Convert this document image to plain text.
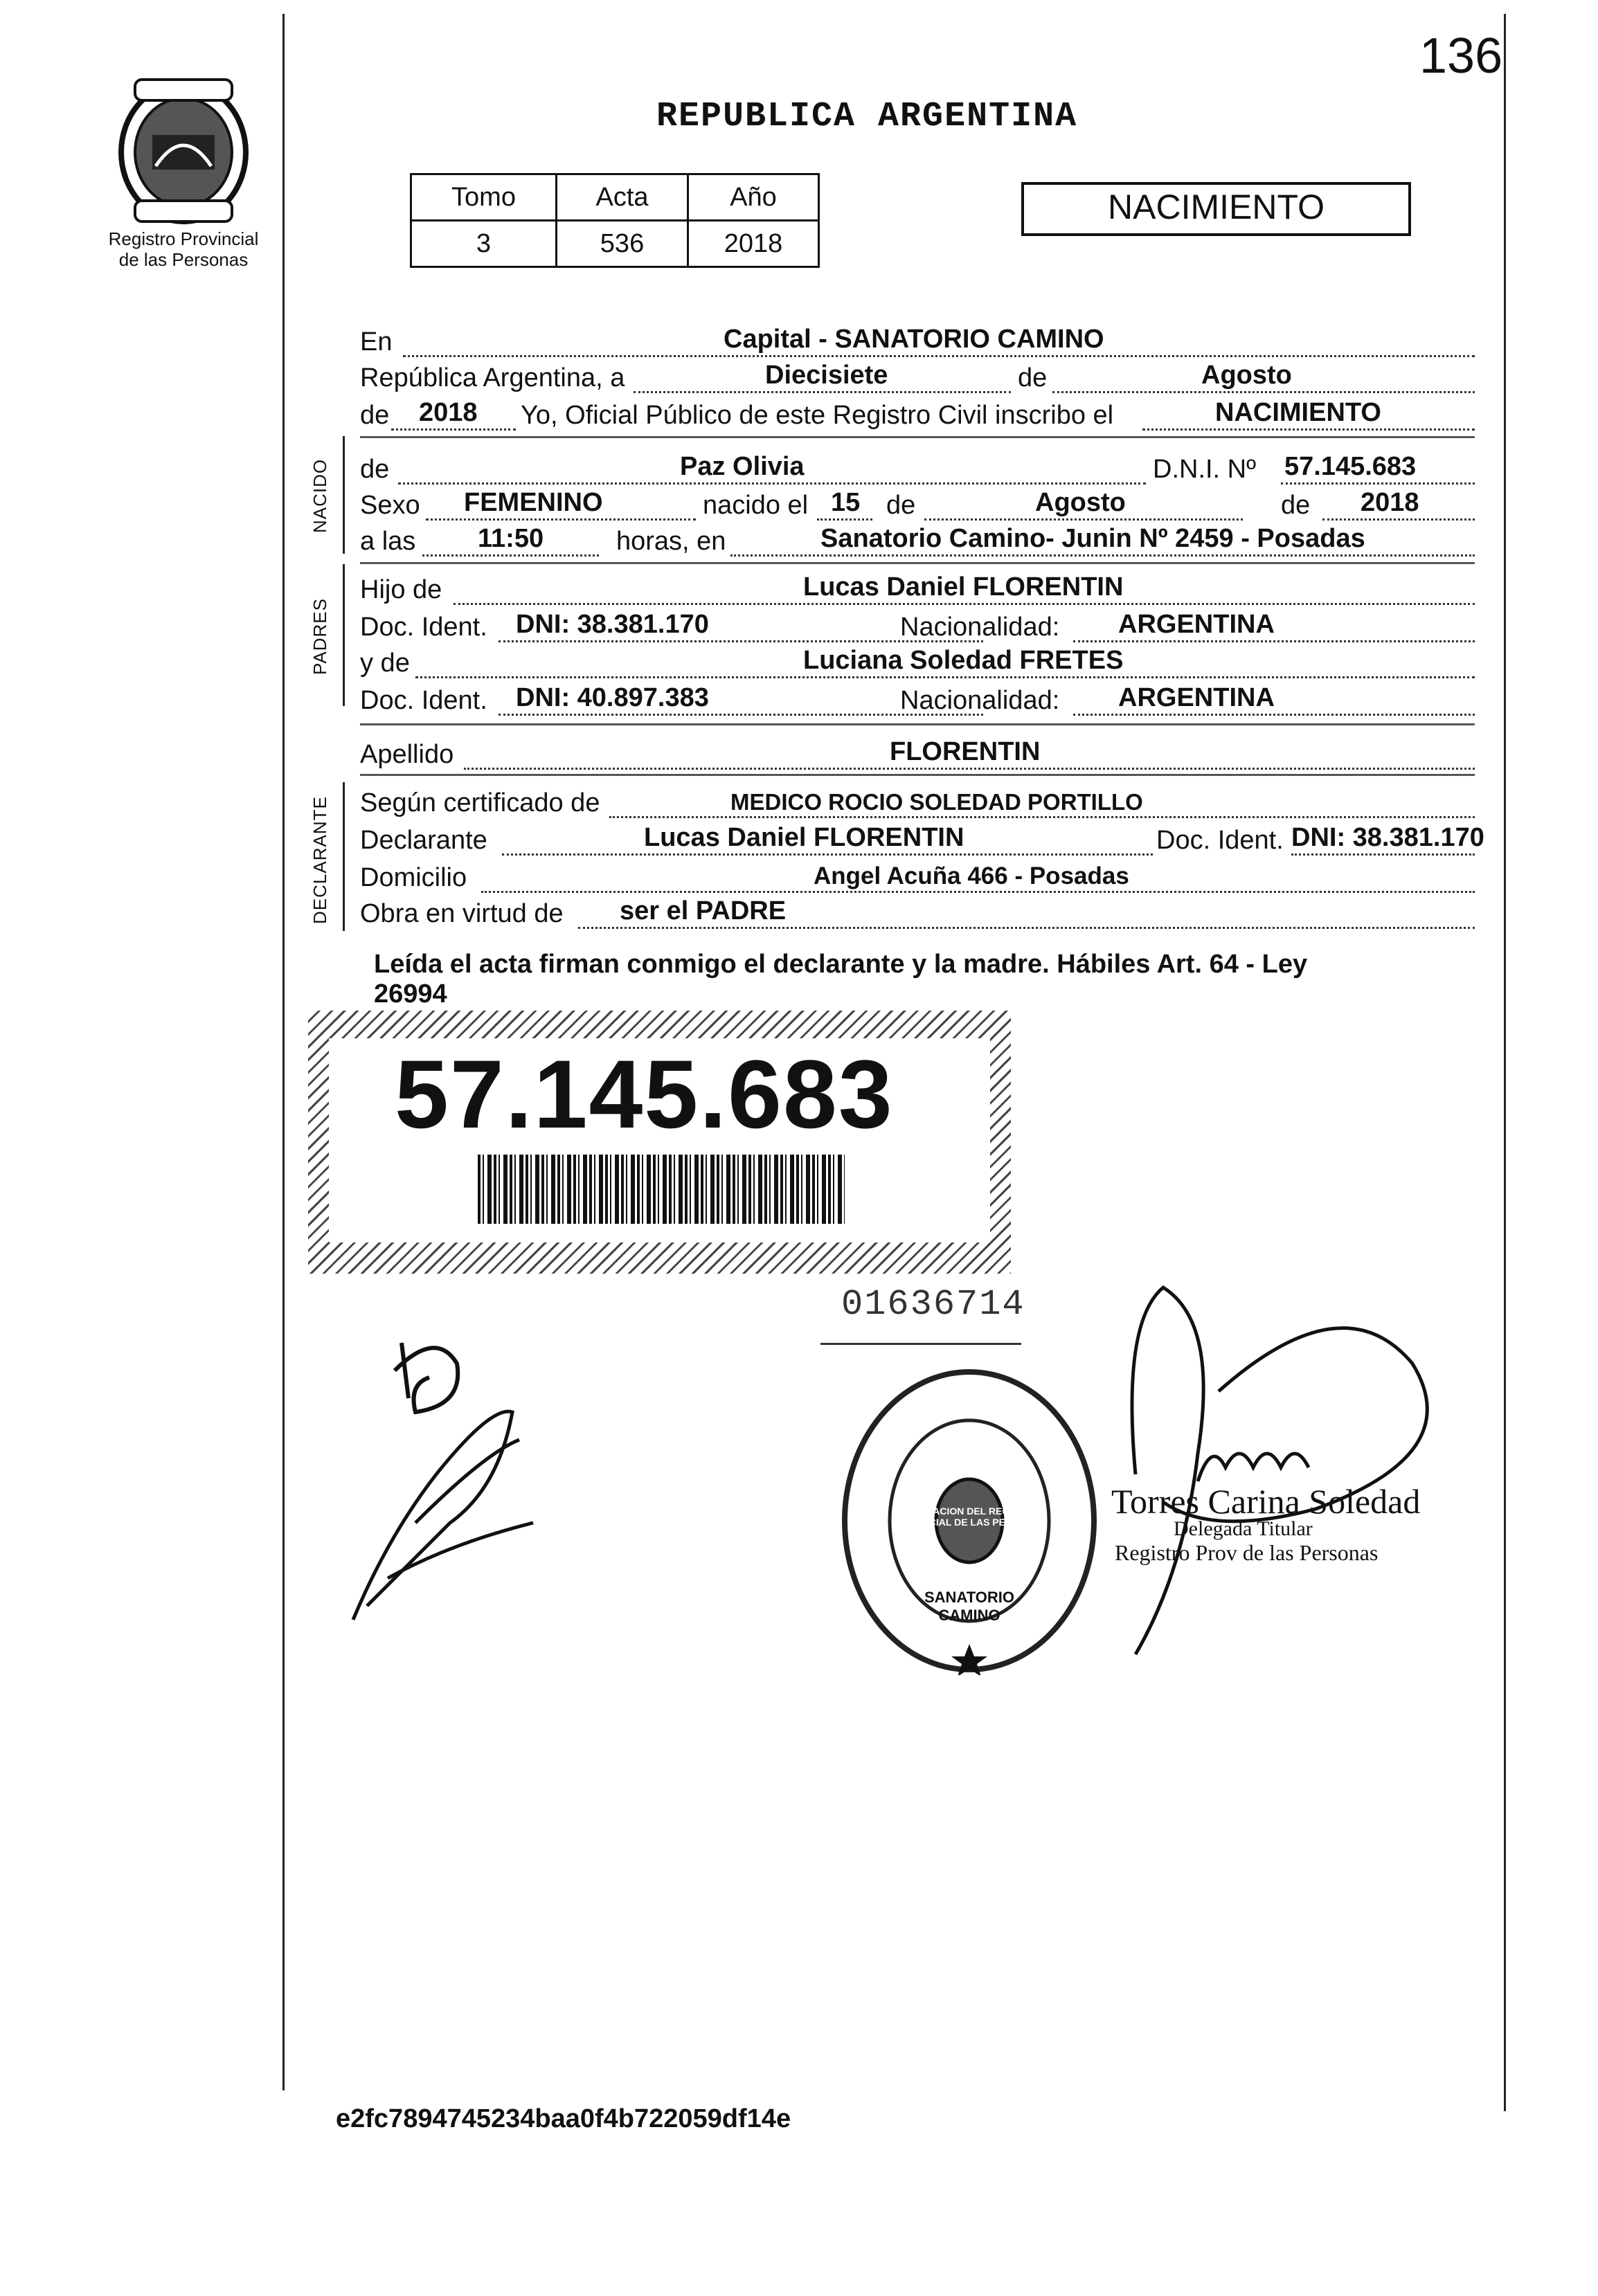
136
Registro Provincial
de las Personas
REPUBLICA ARGENTINA
Tomo	Acta	Año
3	536	2018
NACIMIENTO
En	Capital - SANATORIO CAMINO
República Argentina, a	Diecisiete	de	Agosto
de 2018 Yo, Oficial Público de este Registro Civil inscribo el	NACIMIENTO
NACIDO de	Paz Olivia	D.N.I. Nº 57.145.683
Sexo FEMENINO	nacido el 15 de	Agosto	de 2018
a las 11:50	horas, en	Sanatorio Camino- Junin Nº 2459 - Posadas
PADRES
Hijo de	Lucas Daniel FLORENTIN
Doc. Ident. DNI: 38.381.170	Nacionalidad: ARGENTINA
y de	Luciana Soledad FRETES
Doc. Ident. DNI: 40.897.383	Nacionalidad: ARGENTINA
Apellido	FLORENTIN
DECLARANTE Según certificado de	MEDICO ROCIO SOLEDAD PORTILLO
Declarante	Lucas Daniel FLORENTIN	Doc. Ident. DNI: 38.381.170
Domicilio	Angel Acuña 466 - Posadas
Obra en virtud de ser el PADRE
Leída el acta firman conmigo el declarante y la madre. Hábiles Art. 64 - Ley
26994
57.145.683
01636714
DELEGACION DEL REGISTRO PROVINCIAL DE LAS PERSONAS
SANATORIO CAMINO
Torres Carina Soledad
Delegada Titular
Registro Prov de las Personas
e2fc7894745234baa0f4b722059df14e
